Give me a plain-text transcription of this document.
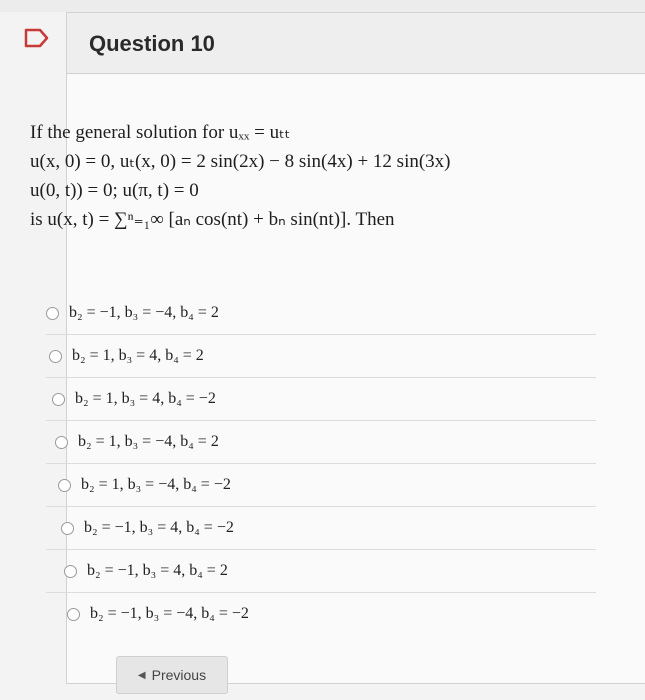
Question 10
If the general solution for uₓₓ = uₜₜ
u(x, 0) = 0, uₜ(x, 0) = 2 sin(2x) − 8 sin(4x) + 12 sin(3x)
u(0, t)) = 0; u(π, t) = 0
is u(x, t) = ∑ⁿ₌₁∞ [aₙ cos(nt) + bₙ sin(nt)]. Then
b₂ = −1, b₃ = −4, b₄ = 2
b₂ = 1, b₃ = 4, b₄ = 2
b₂ = 1, b₃ = 4, b₄ = −2
b₂ = 1, b₃ = −4, b₄ = 2
b₂ = 1, b₃ = −4, b₄ = −2
b₂ = −1, b₃ = 4, b₄ = −2
b₂ = −1, b₃ = 4, b₄ = 2
b₂ = −1, b₃ = −4, b₄ = −2
◀ Previous
